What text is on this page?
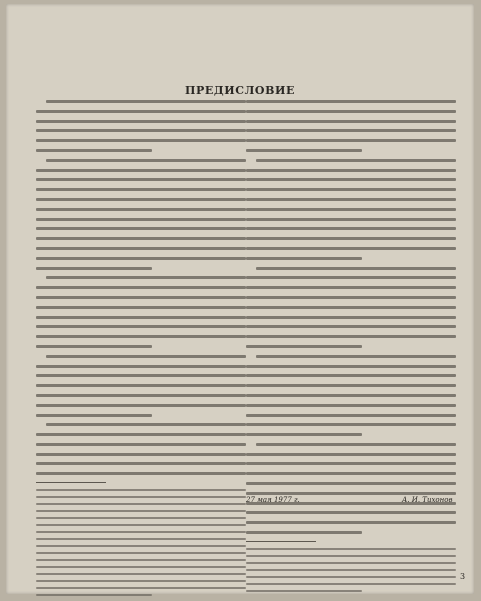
ПРЕДИСЛОВИЕ
А. И. Тихонов
27 мая 1977 г.
3
